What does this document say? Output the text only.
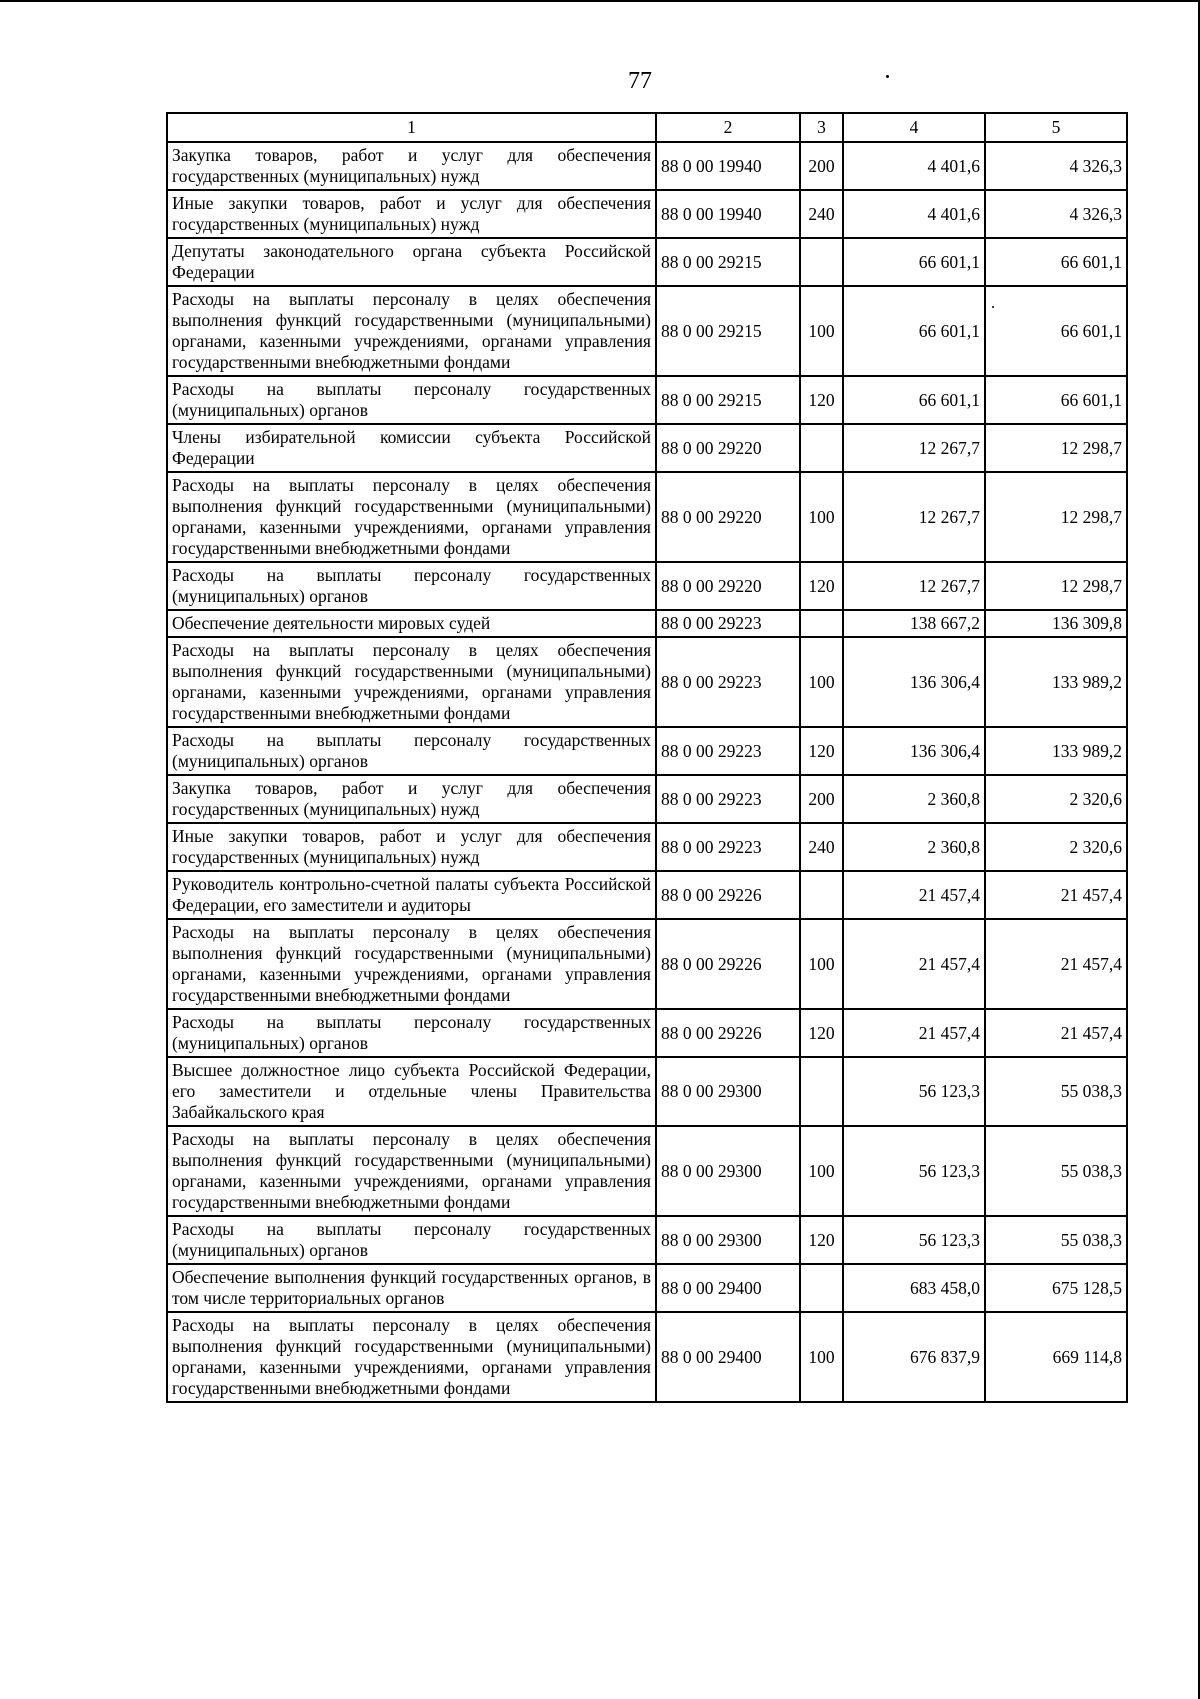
77
1	2	3	4	5
Закупка товаров, работ и услуг для обеспечения государственных (муниципальных) нужд	88 0 00 19940	200	4 401,6	4 326,3
Иные закупки товаров, работ и услуг для обеспечения государственных (муниципальных) нужд	88 0 00 19940	240	4 401,6	4 326,3
Депутаты законодательного органа субъекта Российской Федерации	88 0 00 29215		66 601,1	66 601,1
Расходы на выплаты персоналу в целях обеспечения выполнения функций государственными (муниципальными) органами, казенными учреждениями, органами управления государственными внебюджетными фондами	88 0 00 29215	100	66 601,1	66 601,1
Расходы на выплаты персоналу государственных (муниципальных) органов	88 0 00 29215	120	66 601,1	66 601,1
Члены избирательной комиссии субъекта Российской Федерации	88 0 00 29220		12 267,7	12 298,7
Расходы на выплаты персоналу в целях обеспечения выполнения функций государственными (муниципальными) органами, казенными учреждениями, органами управления государственными внебюджетными фондами	88 0 00 29220	100	12 267,7	12 298,7
Расходы на выплаты персоналу государственных (муниципальных) органов	88 0 00 29220	120	12 267,7	12 298,7
Обеспечение деятельности мировых судей	88 0 00 29223		138 667,2	136 309,8
Расходы на выплаты персоналу в целях обеспечения выполнения функций государственными (муниципальными) органами, казенными учреждениями, органами управления государственными внебюджетными фондами	88 0 00 29223	100	136 306,4	133 989,2
Расходы на выплаты персоналу государственных (муниципальных) органов	88 0 00 29223	120	136 306,4	133 989,2
Закупка товаров, работ и услуг для обеспечения государственных (муниципальных) нужд	88 0 00 29223	200	2 360,8	2 320,6
Иные закупки товаров, работ и услуг для обеспечения государственных (муниципальных) нужд	88 0 00 29223	240	2 360,8	2 320,6
Руководитель контрольно-счетной палаты субъекта Российской Федерации, его заместители и аудиторы	88 0 00 29226		21 457,4	21 457,4
Расходы на выплаты персоналу в целях обеспечения выполнения функций государственными (муниципальными) органами, казенными учреждениями, органами управления государственными внебюджетными фондами	88 0 00 29226	100	21 457,4	21 457,4
Расходы на выплаты персоналу государственных (муниципальных) органов	88 0 00 29226	120	21 457,4	21 457,4
Высшее должностное лицо субъекта Российской Федерации, его заместители и отдельные члены Правительства Забайкальского края	88 0 00 29300		56 123,3	55 038,3
Расходы на выплаты персоналу в целях обеспечения выполнения функций государственными (муниципальными) органами, казенными учреждениями, органами управления государственными внебюджетными фондами	88 0 00 29300	100	56 123,3	55 038,3
Расходы на выплаты персоналу государственных (муниципальных) органов	88 0 00 29300	120	56 123,3	55 038,3
Обеспечение выполнения функций государственных органов, в том числе территориальных органов	88 0 00 29400		683 458,0	675 128,5
Расходы на выплаты персоналу в целях обеспечения выполнения функций государственными (муниципальными) органами, казенными учреждениями, органами управления государственными внебюджетными фондами	88 0 00 29400	100	676 837,9	669 114,8
